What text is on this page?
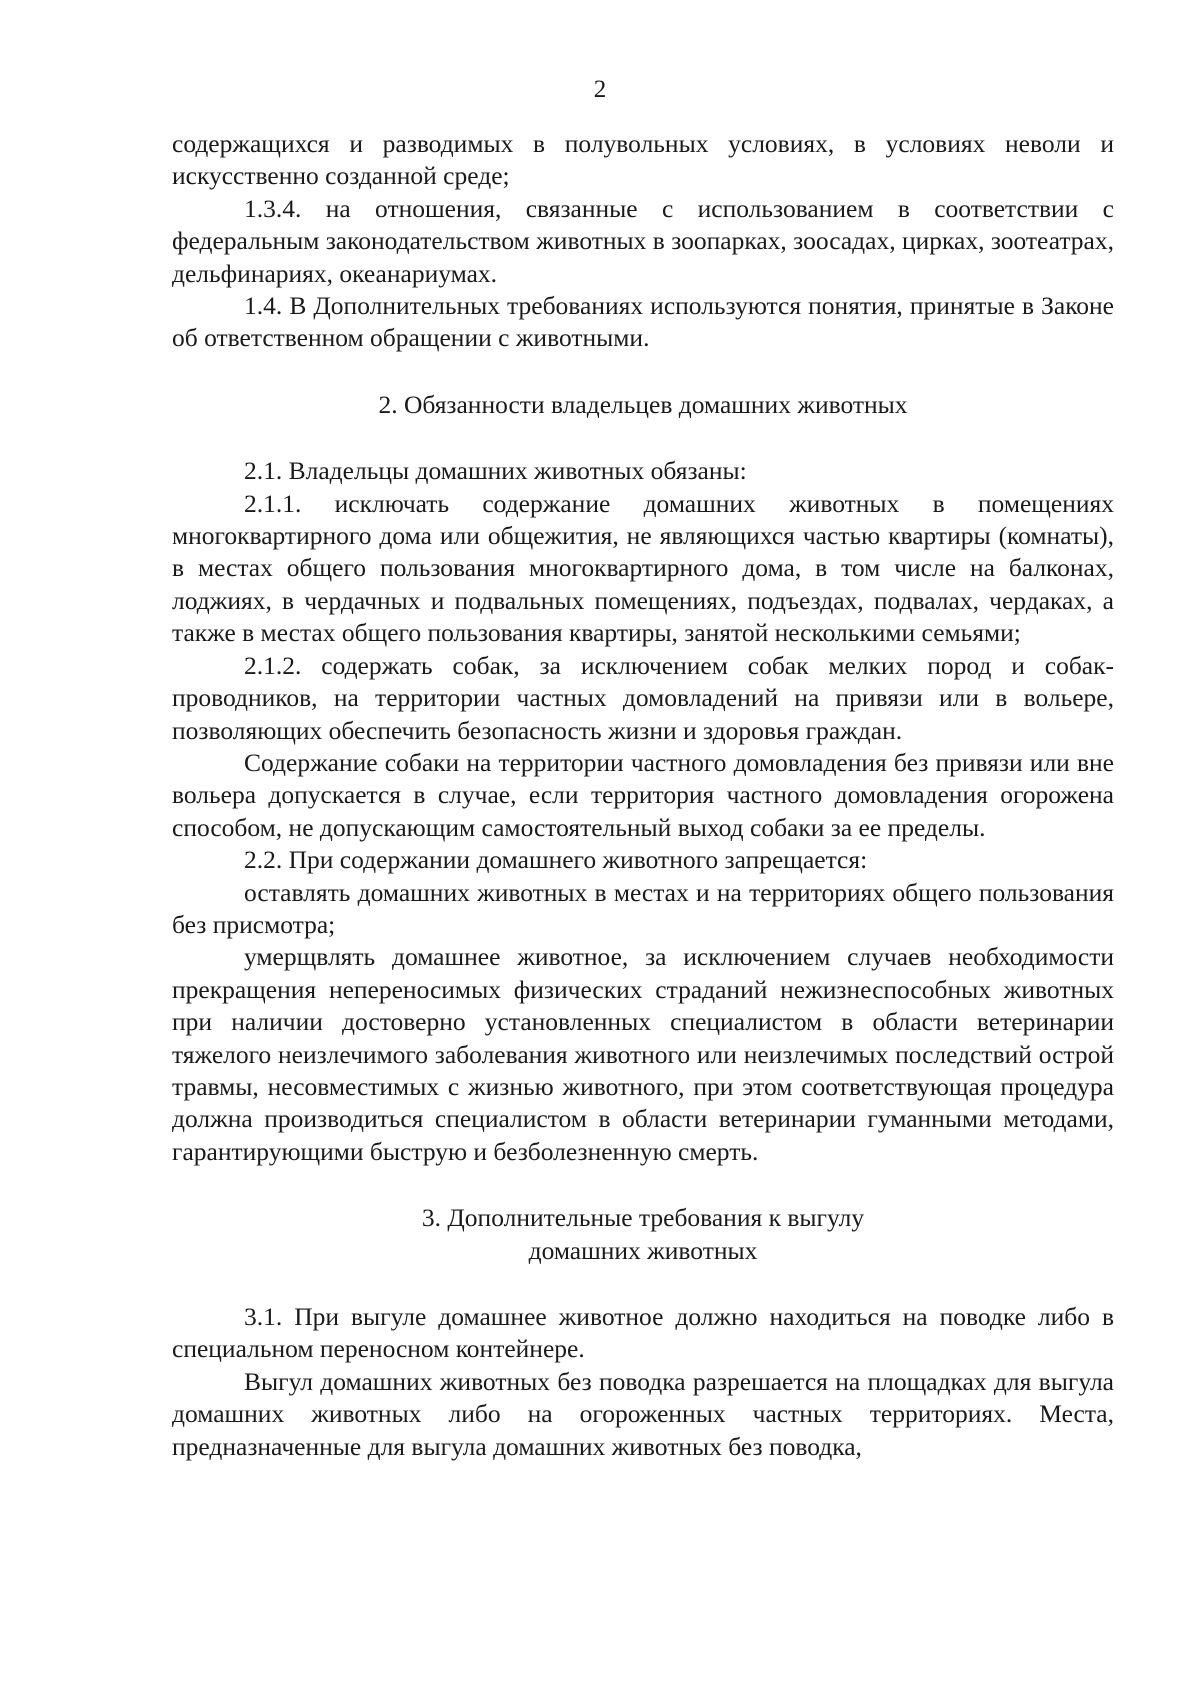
2

содержащихся и разводимых в полувольных условиях, в условиях неволи и искусственно созданной среде;

1.3.4. на отношения, связанные с использованием в соответствии с федеральным законодательством животных в зоопарках, зоосадах, цирках, зоотеатрах, дельфинариях, океанариумах.

1.4. В Дополнительных требованиях используются понятия, принятые в Законе об ответственном обращении с животными.

2. Обязанности владельцев домашних животных

2.1. Владельцы домашних животных обязаны:

2.1.1. исключать содержание домашних животных в помещениях многоквартирного дома или общежития, не являющихся частью квартиры (комнаты), в местах общего пользования многоквартирного дома, в том числе на балконах, лоджиях, в чердачных и подвальных помещениях, подъездах, подвалах, чердаках, а также в местах общего пользования квартиры, занятой несколькими семьями;

2.1.2. содержать собак, за исключением собак мелких пород и собак-проводников, на территории частных домовладений на привязи или в вольере, позволяющих обеспечить безопасность жизни и здоровья граждан.

Содержание собаки на территории частного домовладения без привязи или вне вольера допускается в случае, если территория частного домовладения огорожена способом, не допускающим самостоятельный выход собаки за ее пределы.

2.2. При содержании домашнего животного запрещается:

оставлять домашних животных в местах и на территориях общего пользования без присмотра;

умерщвлять домашнее животное, за исключением случаев необходимости прекращения непереносимых физических страданий нежизнеспособных животных при наличии достоверно установленных специалистом в области ветеринарии тяжелого неизлечимого заболевания животного или неизлечимых последствий острой травмы, несовместимых с жизнью животного, при этом соответствующая процедура должна производиться специалистом в области ветеринарии гуманными методами, гарантирующими быструю и безболезненную смерть.

3. Дополнительные требования к выгулу

домашних животных

3.1. При выгуле домашнее животное должно находиться на поводке либо в специальном переносном контейнере.

Выгул домашних животных без поводка разрешается на площадках для выгула домашних животных либо на огороженных частных территориях. Места, предназначенные для выгула домашних животных без поводка,
